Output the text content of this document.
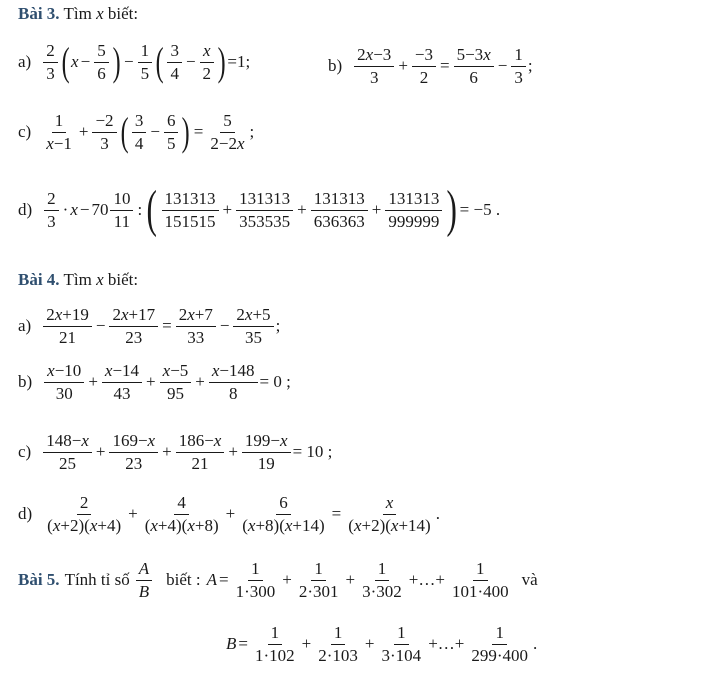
Bài 3. Tìm x biết:
$a) \frac{2}{3}$ ( $x - \frac{5}{6}$ ) − $\frac{1}{5}$ ( $\frac{3}{4} - \frac{x}{2}$ ) =1;	$b) \frac{2x-3}{3} + \frac{-3}{2} = \frac{5-3x}{6} - \frac{1}{3}$ ;
$c) \frac{1}{x-1} + \frac{-2}{3}$ ( $\frac{3}{4} - \frac{6}{5}$ ) = $\frac{5}{2-2x}$ ;
$d) \frac{2}{3} \cdot x - 70 \frac{10}{11}$ : ( $\frac{131313}{151515} + \frac{131313}{353535} + \frac{131313}{636363} + \frac{131313}{999999}$ ) = −5 .
Bài 4. Tìm x biết:
$a) \frac{2x+19}{21} - \frac{2x+17}{23} = \frac{2x+7}{33} - \frac{2x+5}{35}$ ;
$b) \frac{x-10}{30} + \frac{x-14}{43} + \frac{x-5}{95} + \frac{x-148}{8} = 0$ ;
$c) \frac{148-x}{25} + \frac{169-x}{23} + \frac{186-x}{21} + \frac{199-x}{19} = 10$ ;
$d) \frac{2}{(x+2)(x+4)} + \frac{4}{(x+4)(x+8)} + \frac{6}{(x+8)(x+14)} = \frac{x}{(x+2)(x+14)}$ .
Bài 5. Tính tỉ số $\frac{A}{B}$ biết : $A = \frac{1}{1\cdot 300} + \frac{1}{2\cdot 301} + \frac{1}{3\cdot 302}$ +…+ $\frac{1}{101\cdot 400}$ và
$B = \frac{1}{1\cdot 102} + \frac{1}{2\cdot 103} + \frac{1}{3\cdot 104}$ +…+ $\frac{1}{299\cdot 400}$ .
